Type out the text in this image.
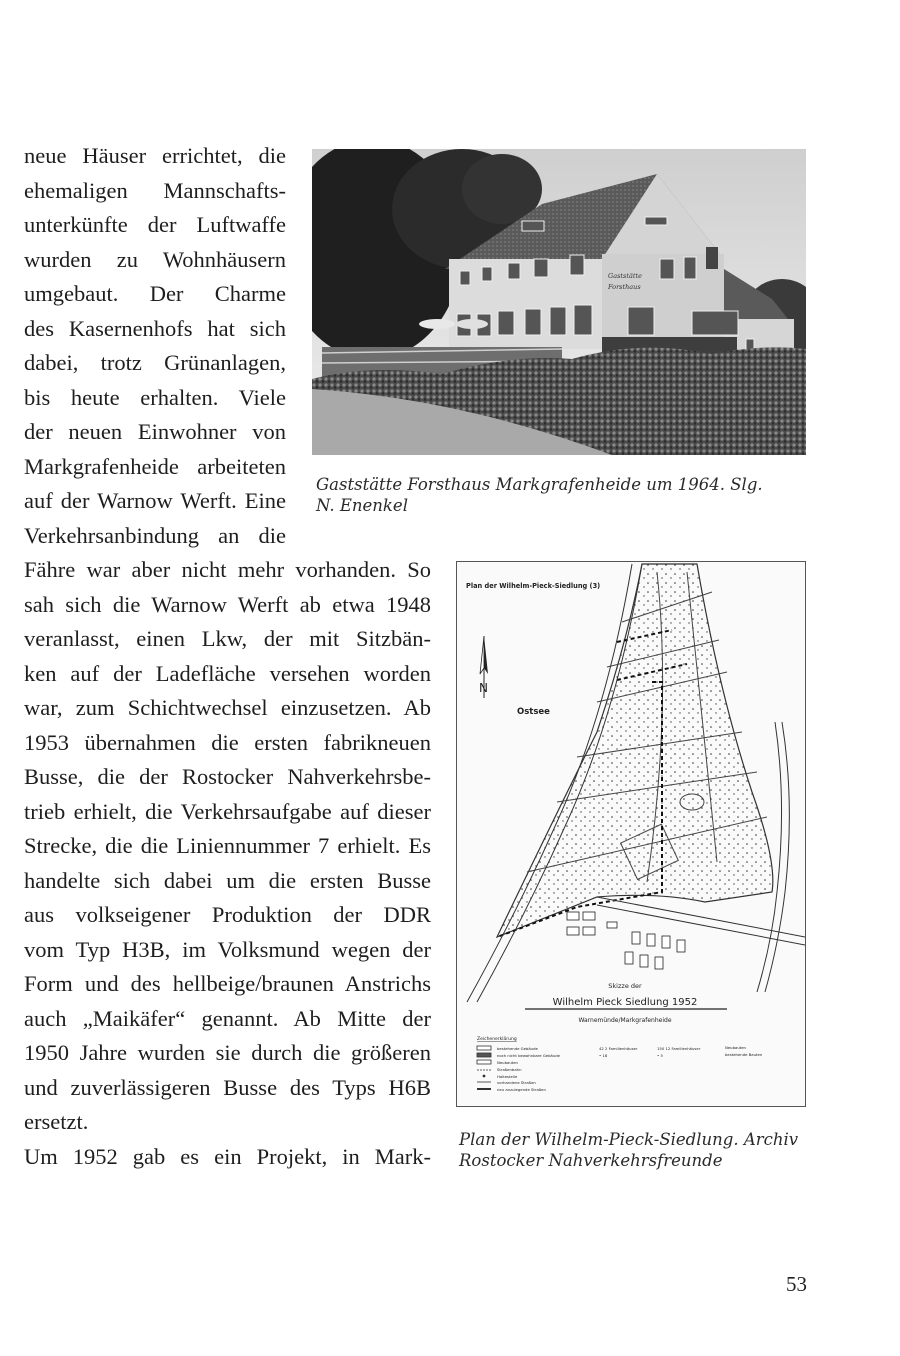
neue Häuser errichtet, die
ehemaligen Mannschafts-
unterkünfte der Luftwaffe
wurden zu Wohnhäusern
umgebaut. Der Charme
des Kasernenhofs hat sich
dabei, trotz Grünanlagen,
bis heute erhalten. Viele
der neuen Einwohner von
Markgrafenheide arbeiteten
auf der Warnow Werft. Eine
Verkehrsanbindung an die
Fähre war aber nicht mehr vorhanden. So
sah sich die Warnow Werft ab etwa 1948
veranlasst, einen Lkw, der mit Sitzbän-
ken auf der Ladefläche versehen worden
war, zum Schichtwechsel einzusetzen. Ab
1953 übernahmen die ersten fabrikneuen
Busse, die der Rostocker Nahverkehrsbe-
trieb erhielt, die Verkehrsaufgabe auf dieser
Strecke, die die Liniennummer 7 erhielt. Es
handelte sich dabei um die ersten Busse
aus volkseigener Produktion der DDR
vom Typ H3B, im Volksmund wegen der
Form und des hellbeige/braunen Anstrichs
auch „Maikäfer“ genannt. Ab Mitte der
1950 Jahre wurden sie durch die größeren
und zuverlässigeren Busse des Typs H6B
ersetzt.
Um 1952 gab es ein Projekt, in Mark-
Gaststätte
Forsthaus
Gaststätte Forsthaus Markgrafenheide um 1964. Slg.
N. Enenkel
Plan der Wilhelm-Pieck-Siedlung (3)
N
Ostsee
Skizze der
Wilhelm Pieck Siedlung 1952
Warnemünde/Markgrafenheide
Zeichenerklärung
bestehende Gebäude
noch nicht bewohnbare Gebäude
Neubauten
Straßenbahn
Haltestelle
vorhandene Straßen
neu anzulegende Straßen
42 2 Familienhäuser
• 18
150 12 Familienhäuser
• 5
Neubauten
bestehende Bauten
Plan der Wilhelm-Pieck-Siedlung. Archiv
Rostocker Nahverkehrsfreunde
53
